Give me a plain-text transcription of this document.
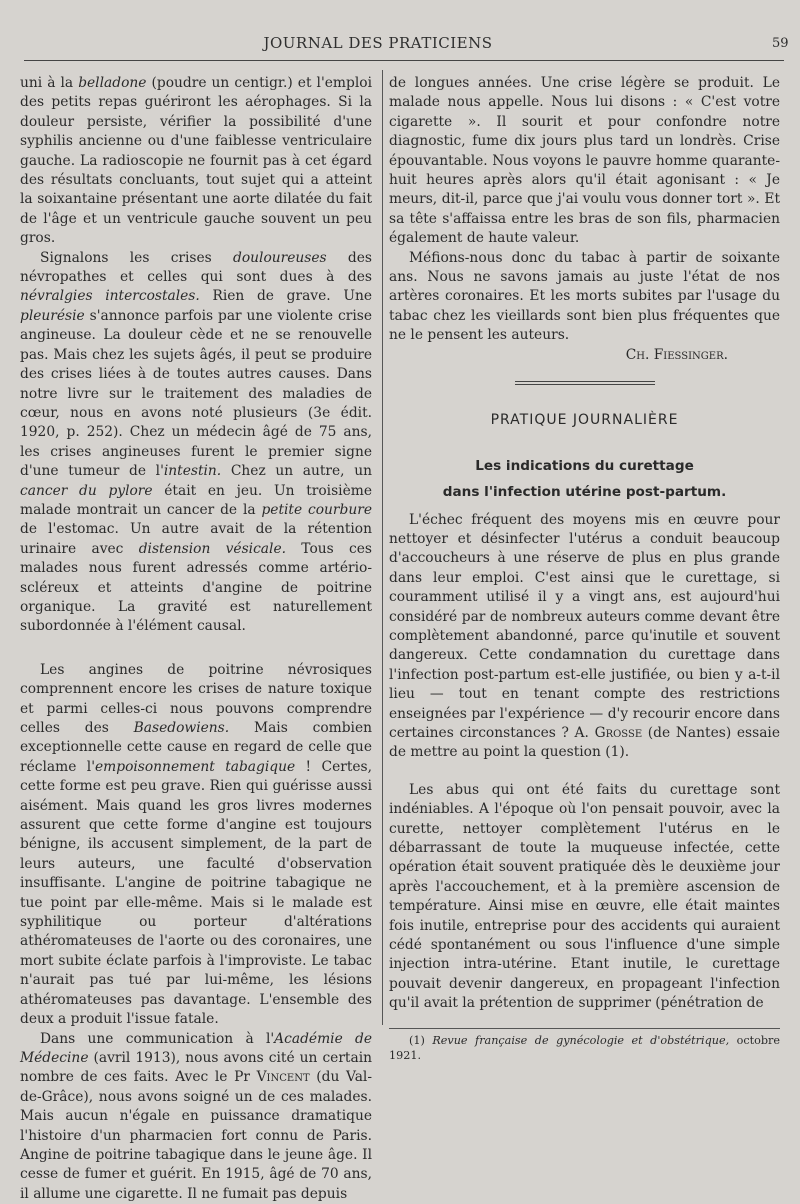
JOURNAL DES PRATICIENS	59

uni à la belladone (poudre un centigr.) et l'emploi des petits repas guériront les aérophages. Si la douleur persiste, vérifier la possibilité d'une syphilis ancienne ou d'une faiblesse ventriculaire gauche. La radioscopie ne fournit pas à cet égard des résultats concluants, tout sujet qui a atteint la soixantaine présentant une aorte dilatée du fait de l'âge et un ventricule gauche souvent un peu gros.

Signalons les crises douloureuses des névropathes et celles qui sont dues à des névralgies intercostales. Rien de grave. Une pleurésie s'annonce parfois par une violente crise angineuse. La douleur cède et ne se renouvelle pas. Mais chez les sujets âgés, il peut se produire des crises liées à de toutes autres causes. Dans notre livre sur le traitement des maladies de cœur, nous en avons noté plusieurs (3e édit. 1920, p. 252). Chez un médecin âgé de 75 ans, les crises angineuses furent le premier signe d'une tumeur de l'intestin. Chez un autre, un cancer du pylore était en jeu. Un troisième malade montrait un cancer de la petite courbure de l'estomac. Un autre avait de la rétention urinaire avec distension vésicale. Tous ces malades nous furent adressés comme artério-scléreux et atteints d'angine de poitrine organique. La gravité est naturellement subordonnée à l'élément causal.

Les angines de poitrine névrosiques comprennent encore les crises de nature toxique et parmi celles-ci nous pouvons comprendre celles des Basedowiens. Mais combien exceptionnelle cette cause en regard de celle que réclame l'empoisonnement tabagique ! Certes, cette forme est peu grave. Rien qui guérisse aussi aisément. Mais quand les gros livres modernes assurent que cette forme d'angine est toujours bénigne, ils accusent simplement, de la part de leurs auteurs, une faculté d'observation insuffisante. L'angine de poitrine tabagique ne tue point par elle-même. Mais si le malade est syphilitique ou porteur d'altérations athéromateuses de l'aorte ou des coronaires, une mort subite éclate parfois à l'improviste. Le tabac n'aurait pas tué par lui-même, les lésions athéromateuses pas davantage. L'ensemble des deux a produit l'issue fatale.

Dans une communication à l'Académie de Médecine (avril 1913), nous avons cité un certain nombre de ces faits. Avec le Pr Vincent (du Val-de-Grâce), nous avons soigné un de ces malades. Mais aucun n'égale en puissance dramatique l'histoire d'un pharmacien fort connu de Paris. Angine de poitrine tabagique dans le jeune âge. Il cesse de fumer et guérit. En 1915, âgé de 70 ans, il allume une cigarette. Il ne fumait pas depuis

de longues années. Une crise légère se produit. Le malade nous appelle. Nous lui disons : « C'est votre cigarette ». Il sourit et pour confondre notre diagnostic, fume dix jours plus tard un londrès. Crise épouvantable. Nous voyons le pauvre homme quarante-huit heures après alors qu'il était agonisant : « Je meurs, dit-il, parce que j'ai voulu vous donner tort ». Et sa tête s'affaissa entre les bras de son fils, pharmacien également de haute valeur.

Méfions-nous donc du tabac à partir de soixante ans. Nous ne savons jamais au juste l'état de nos artères coronaires. Et les morts subites par l'usage du tabac chez les vieillards sont bien plus fréquentes que ne le pensent les auteurs.

Ch. Fiessinger.

PRATIQUE JOURNALIÈRE

Les indications du curettage
dans l'infection utérine post-partum.

L'échec fréquent des moyens mis en œuvre pour nettoyer et désinfecter l'utérus a conduit beaucoup d'accoucheurs à une réserve de plus en plus grande dans leur emploi. C'est ainsi que le curettage, si couramment utilisé il y a vingt ans, est aujourd'hui considéré par de nombreux auteurs comme devant être complètement abandonné, parce qu'inutile et souvent dangereux. Cette condamnation du curettage dans l'infection post-partum est-elle justifiée, ou bien y a-t-il lieu — tout en tenant compte des restrictions enseignées par l'expérience — d'y recourir encore dans certaines circonstances ? A. Grosse (de Nantes) essaie de mettre au point la question (1).

Les abus qui ont été faits du curettage sont indéniables. A l'époque où l'on pensait pouvoir, avec la curette, nettoyer complètement l'utérus en le débarrassant de toute la muqueuse infectée, cette opération était souvent pratiquée dès le deuxième jour après l'accouchement, et à la première ascension de température. Ainsi mise en œuvre, elle était maintes fois inutile, entreprise pour des accidents qui auraient cédé spontanément ou sous l'influence d'une simple injection intra-utérine. Etant inutile, le curettage pouvait devenir dangereux, en propageant l'infection qu'il avait la prétention de supprimer (pénétration de

(1) Revue française de gynécologie et d'obstétrique, octobre 1921.
